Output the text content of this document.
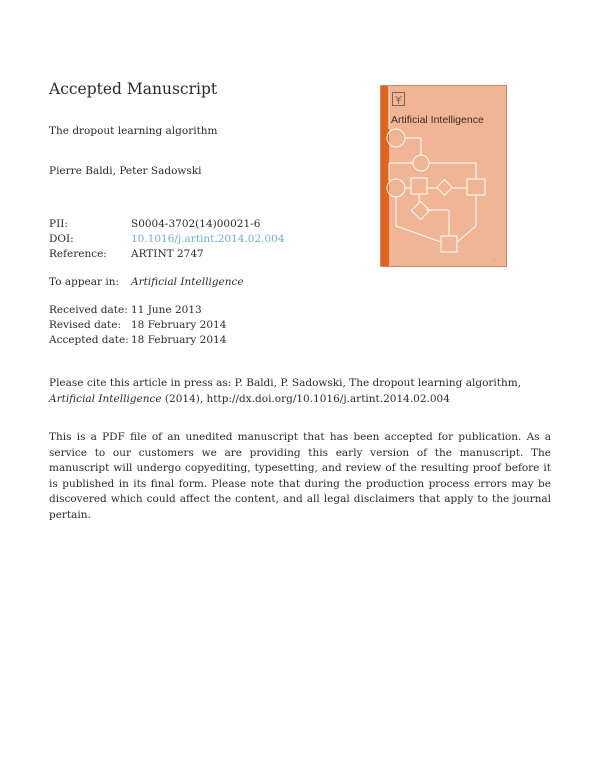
Accepted Manuscript
The dropout learning algorithm
Pierre Baldi, Peter Sadowski
PII:	S0004-3702(14)00021-6
DOI:	10.1016/j.artint.2014.02.004
Reference: ARTINT 2747
To appear in: Artificial Intelligence
Received date: 11 June 2013
Revised date: 18 February 2014
Accepted date: 18 February 2014
Please cite this article in press as: P. Baldi, P. Sadowski, The dropout learning algorithm,
Artificial Intelligence (2014), http://dx.doi.org/10.1016/j.artint.2014.02.004
This is a PDF file of an unedited manuscript that has been accepted for publication. As a service to our customers we are providing this early version of the manuscript. The manuscript will undergo copyediting, typesetting, and review of the resulting proof before it is published in its final form. Please note that during the production process errors may be discovered which could affect the content, and all legal disclaimers that apply to the journal pertain.
· · ·
Artificial Intelligence
· · ·
